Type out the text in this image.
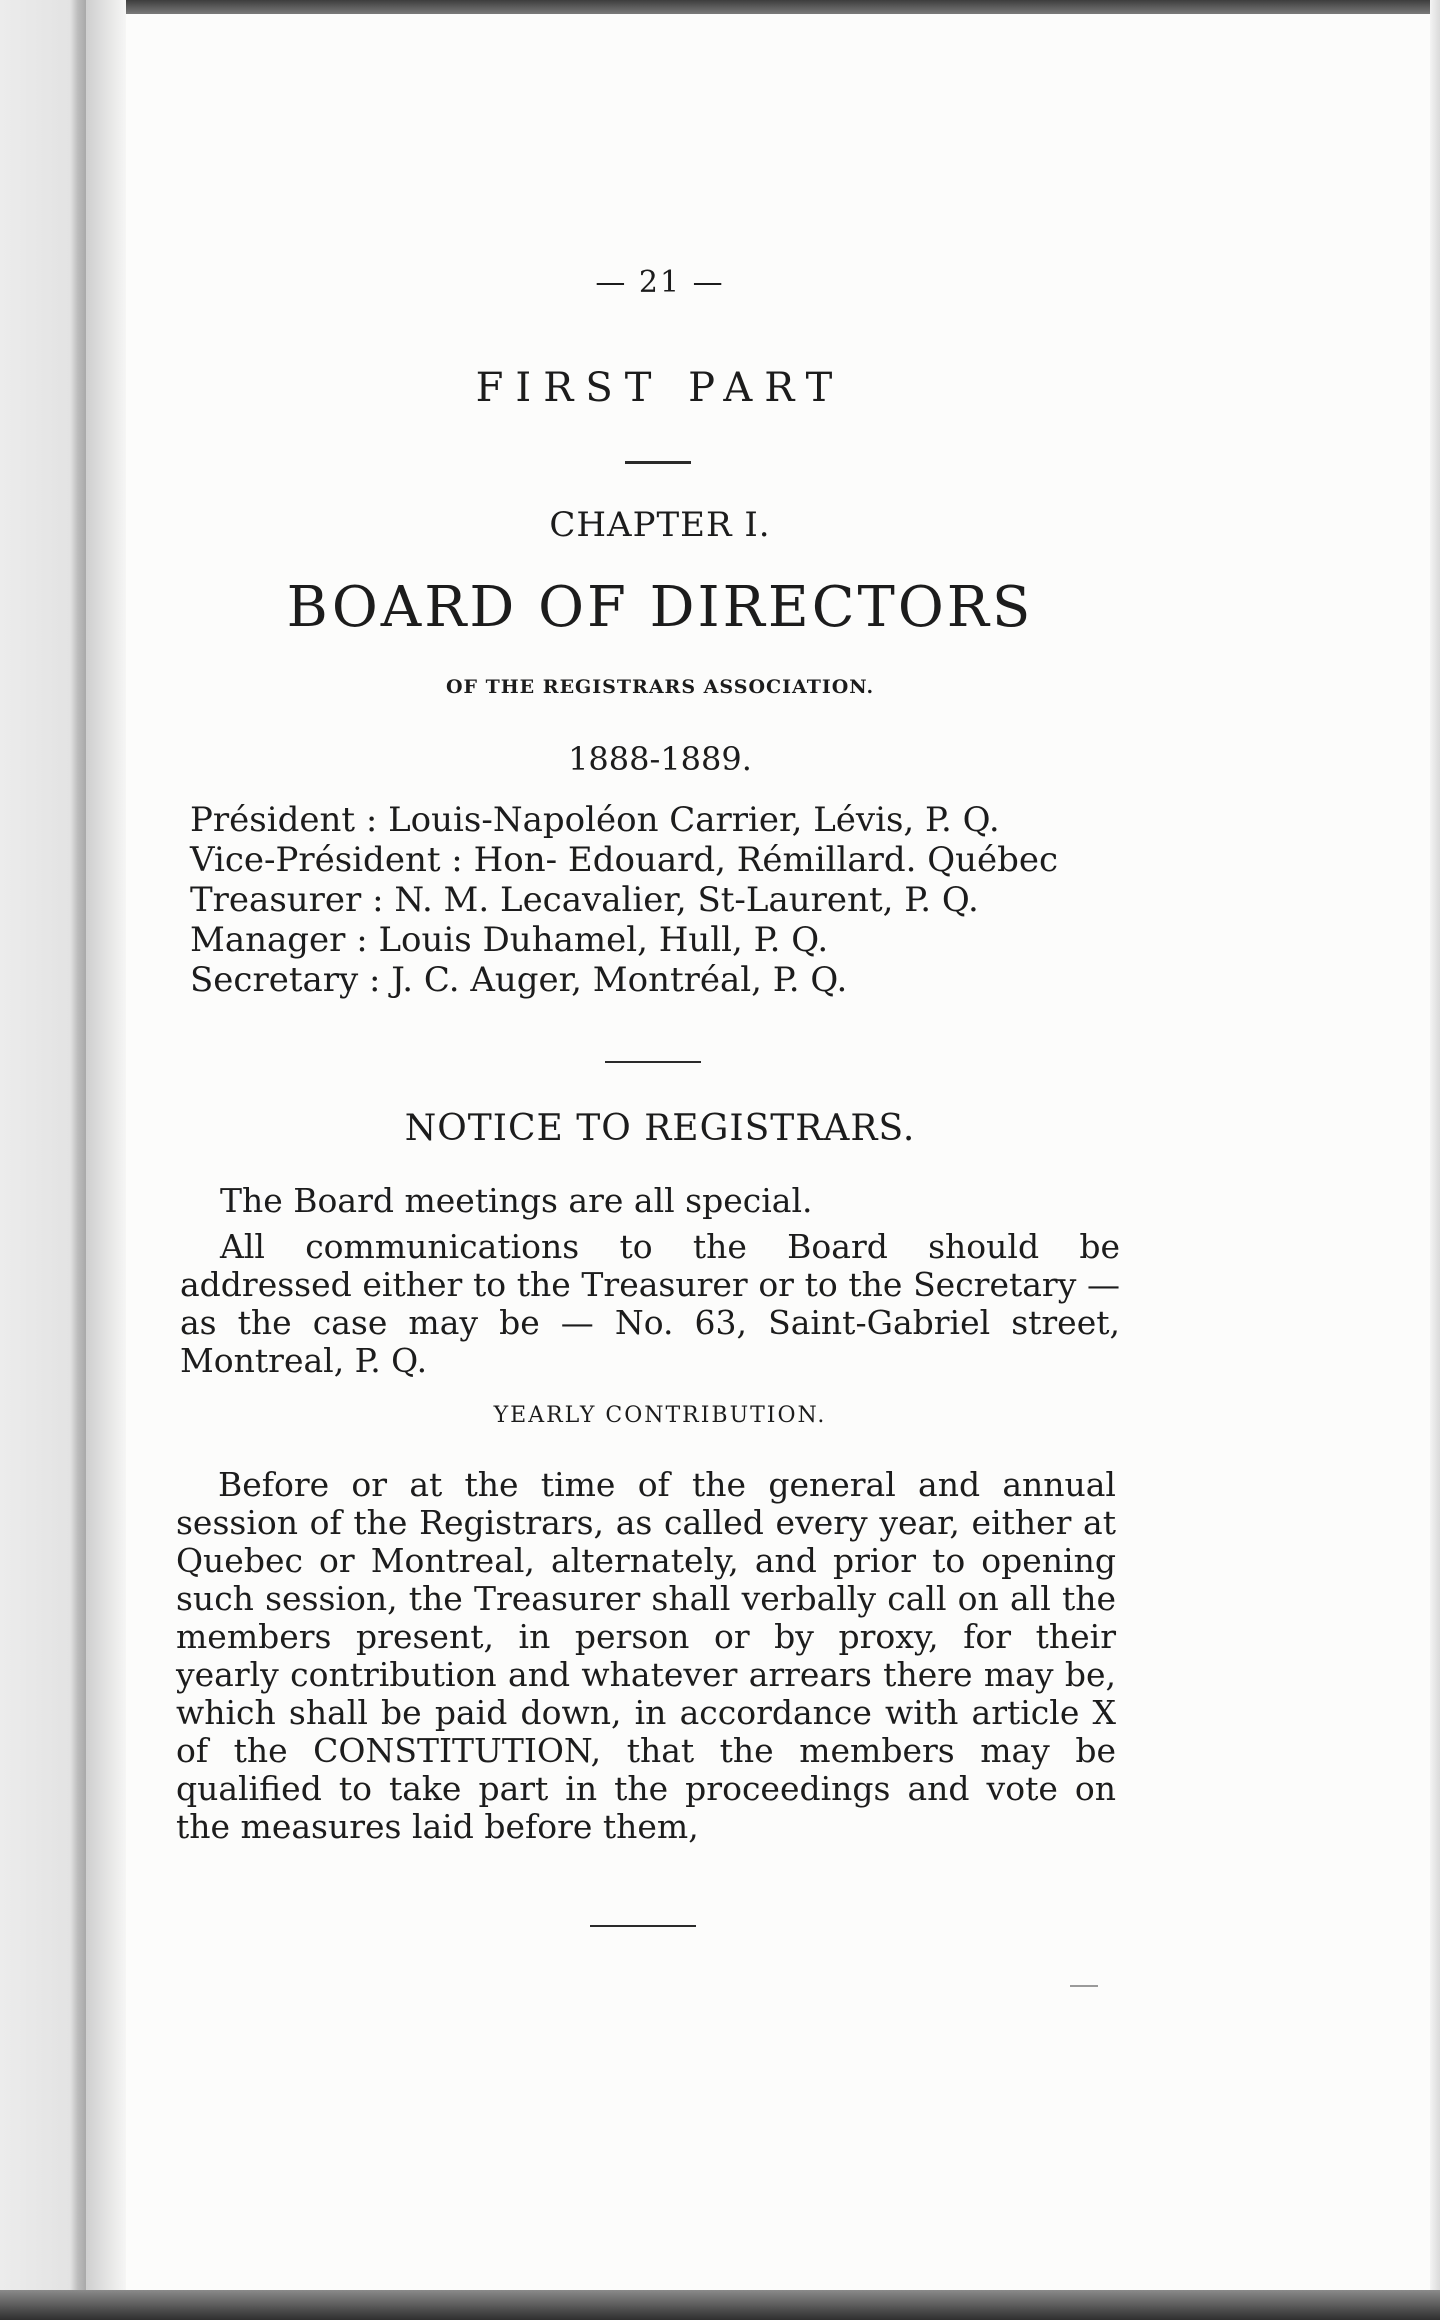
— 21 —
FIRST PART
CHAPTER I.
BOARD OF DIRECTORS
OF THE REGISTRARS ASSOCIATION.
1888-1889.
Président : Louis-Napoléon Carrier, Lévis, P. Q.
Vice-Président : Hon- Edouard, Rémillard. Québec
Treasurer : N. M. Lecavalier, St-Laurent, P. Q.
Manager : Louis Duhamel, Hull, P. Q.
Secretary : J. C. Auger, Montréal, P. Q.
NOTICE TO REGISTRARS.
The Board meetings are all special.
All communications to the Board should be addressed either to the Treasurer or to the Secretary — as the case may be — No. 63, Saint-Gabriel street, Montreal, P. Q.
YEARLY CONTRIBUTION.
Before or at the time of the general and annual session of the Registrars, as called every year, either at Quebec or Montreal, alternately, and prior to opening such session, the Treasurer shall verbally call on all the members present, in person or by proxy, for their yearly contribution and whatever arrears there may be, which shall be paid down, in accordance with article X of the CONSTITUTION, that the members may be qualified to take part in the proceedings and vote on the measures laid before them,
